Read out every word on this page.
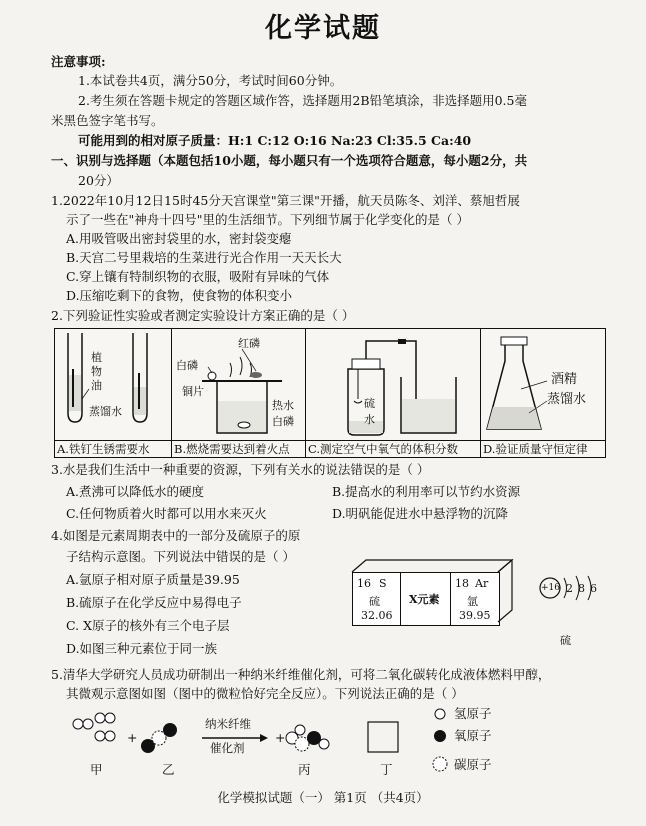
化学试题
注意事项:
1.本试卷共4页，满分50分，考试时间60分钟。
2.考生须在答题卡规定的答题区域作答，选择题用2B铅笔填涂，非选择题用0.5毫
米黑色签字笔书写。
可能用到的相对原子质量：H:1 C:12 O:16 Na:23 Cl:35.5 Ca:40
一、识别与选择题（本题包括10小题，每小题只有一个选项符合题意，每小题2分，共
20分）
1.2022年10月12日15时45分天宫课堂"第三课"开播，航天员陈冬、刘洋、蔡旭哲展
示了一些在"神舟十四号"里的生活细节。下列细节属于化学变化的是（ ）
A.用吸管吸出密封袋里的水，密封袋变瘪
B.天宫二号里栽培的生菜进行光合作用一天天长大
C.穿上镶有特制织物的衣服，吸附有异味的气体
D.压缩吃剩下的食物，使食物的体积变小
2.下列验证性实验或者测定实验设计方案正确的是（ ）
植
物
油
蒸馏水
A.铁钉生锈需要水
红磷
白磷
铜片
热水
白磷
B.燃烧需要达到着火点
硫
水
C.测定空气中氧气的体积分数
酒精
蒸馏水
D.验证质量守恒定律
3.水是我们生活中一种重要的资源，下列有关水的说法错误的是（ ）
A.煮沸可以降低水的硬度	B.提高水的利用率可以节约水资源
C.任何物质着火时都可以用水来灭火	D.明矾能促进水中悬浮物的沉降
4.如图是元素周期表中的一部分及硫原子的原
子结构示意图。下列说法中错误的是（ ）
A.氩原子相对原子质量是39.95
B.硫原子在化学反应中易得电子
C. X原子的核外有三个电子层
D.如图三种元素位于同一族
16 S
硫
32.06
X元素
18 Ar
氩
39.95
+16 2 8 6
硫
5.清华大学研究人员成功研制出一种纳米纤维催化剂，可将二氧化碳转化成液体燃料甲醇，
其微观示意图如图（图中的微粒恰好完全反应）。下列说法正确的是（ ）
+	+
纳米纤维
催化剂
甲	乙	丙	丁
氢原子
氧原子
碳原子
化学模拟试题（一） 第1页 （共4页）
